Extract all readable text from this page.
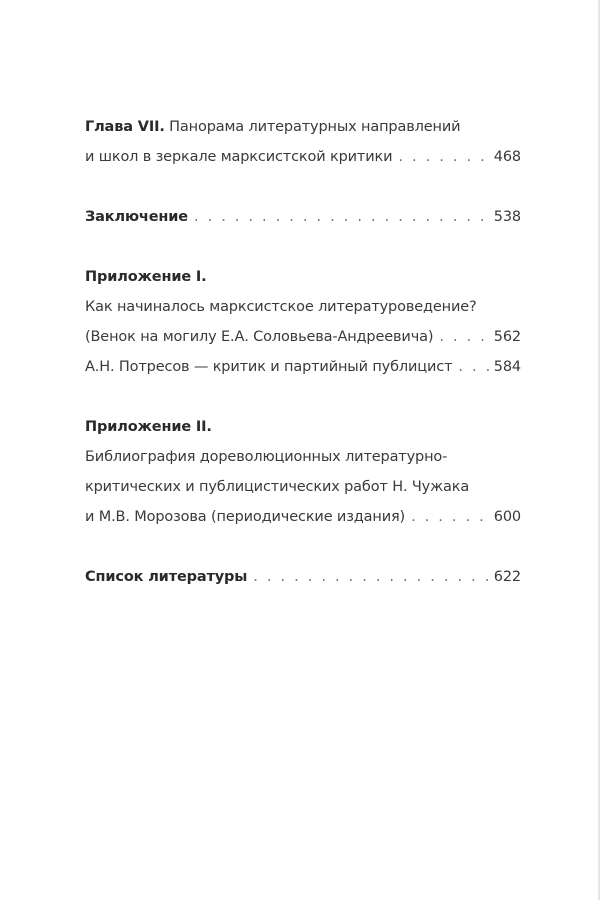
Глава VII. Панорама литературных направлений
и школ в зеркале марксистской критики . . .	468
Заключение . . .	538
Приложение I.
Как начиналось марксистское литературоведение?
(Венок на могилу Е.А. Соловьева-Андреевича) . . .	562
А.Н. Потресов — критик и партийный публицист . . .	584
Приложение II.
Библиография дореволюционных литературно-
критических и публицистических работ Н. Чужака
и М.В. Морозова (периодические издания) . . .	600
Список литературы . . .	622
